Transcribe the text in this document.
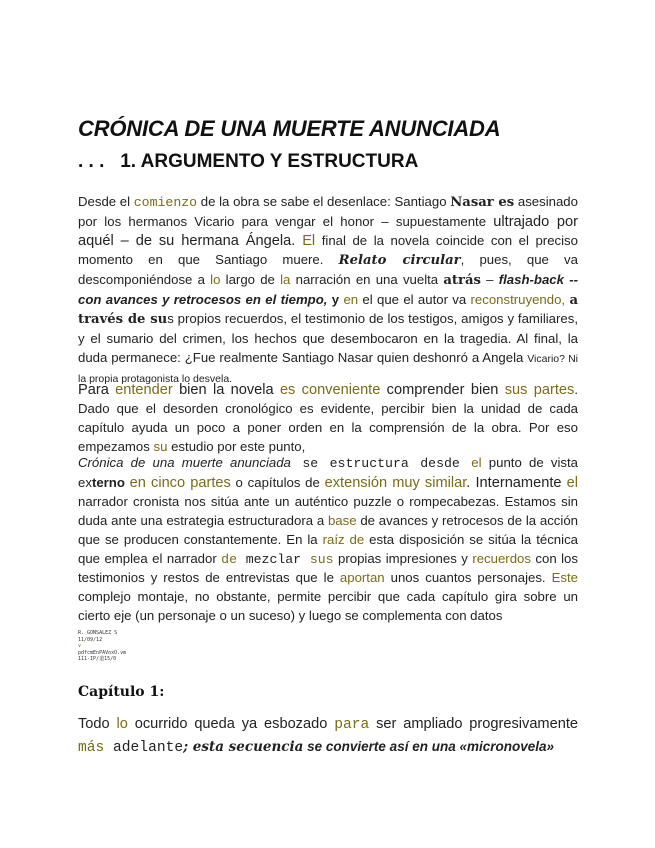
CRÓNICA DE UNA MUERTE ANUNCIADA
. . .   1. ARGUMENTO Y ESTRUCTURA

Desde el comienzo de la obra se sabe el desenlace: Santiago Nasar es asesinado por los hermanos Vicario para vengar el honor – supuestamente ultrajado por aquél – de su hermana Ángela. El final de la novela coincide con el preciso momento en que Santiago muere. Relato circular, pues, que va descomponiéndose a lo largo de la narración en una vuelta atrás – flash-back -- con avances y retrocesos en el tiempo, y en el que el autor va reconstruyendo, a través de sus propios recuerdos, el testimonio de los testigos, amigos y familiares, y el sumario del crimen, los hechos que desembocaron en la tragedia. Al final, la duda permanece: ¿Fue realmente Santiago Nasar quien deshonró a Angela Vicario? Ni la propia protagonista lo desvela.

Para entender bien la novela es conveniente comprender bien sus partes. Dado que el desorden cronológico es evidente, percibir bien la unidad de cada capítulo ayuda un poco a poner orden en la comprensión de la obra. Por eso empezamos su estudio por este punto,

Crónica de una muerte anunciada se estructura desde el punto de vista externo en cinco partes o capítulos de extensión muy similar. Internamente el narrador cronista nos sitúa ante un auténtico puzzle o rompecabezas. Estamos sin duda ante una estrategia estructuradora a base de avances y retrocesos de la acción que se producen constantemente. En la raíz de esta disposición se sitúa la técnica que emplea el narrador de mezclar sus propias impresiones y recuerdos con los testimonios y restos de entrevistas que le aportan unos cuantos personajes. Este complejo montaje, no obstante, permite percibir que cada capítulo gira sobre un cierto eje (un personaje o un suceso) y luego se complementa con datos

R. GONSALEZ S
11/09/12
v
pdfcmEnPAVoxO.vm
111-IP/道15/0
Capítulo 1:

Todo lo ocurrido queda ya esbozado para ser ampliado progresivamente más adelante; esta secuencia se convierte así en una «micronovela»
